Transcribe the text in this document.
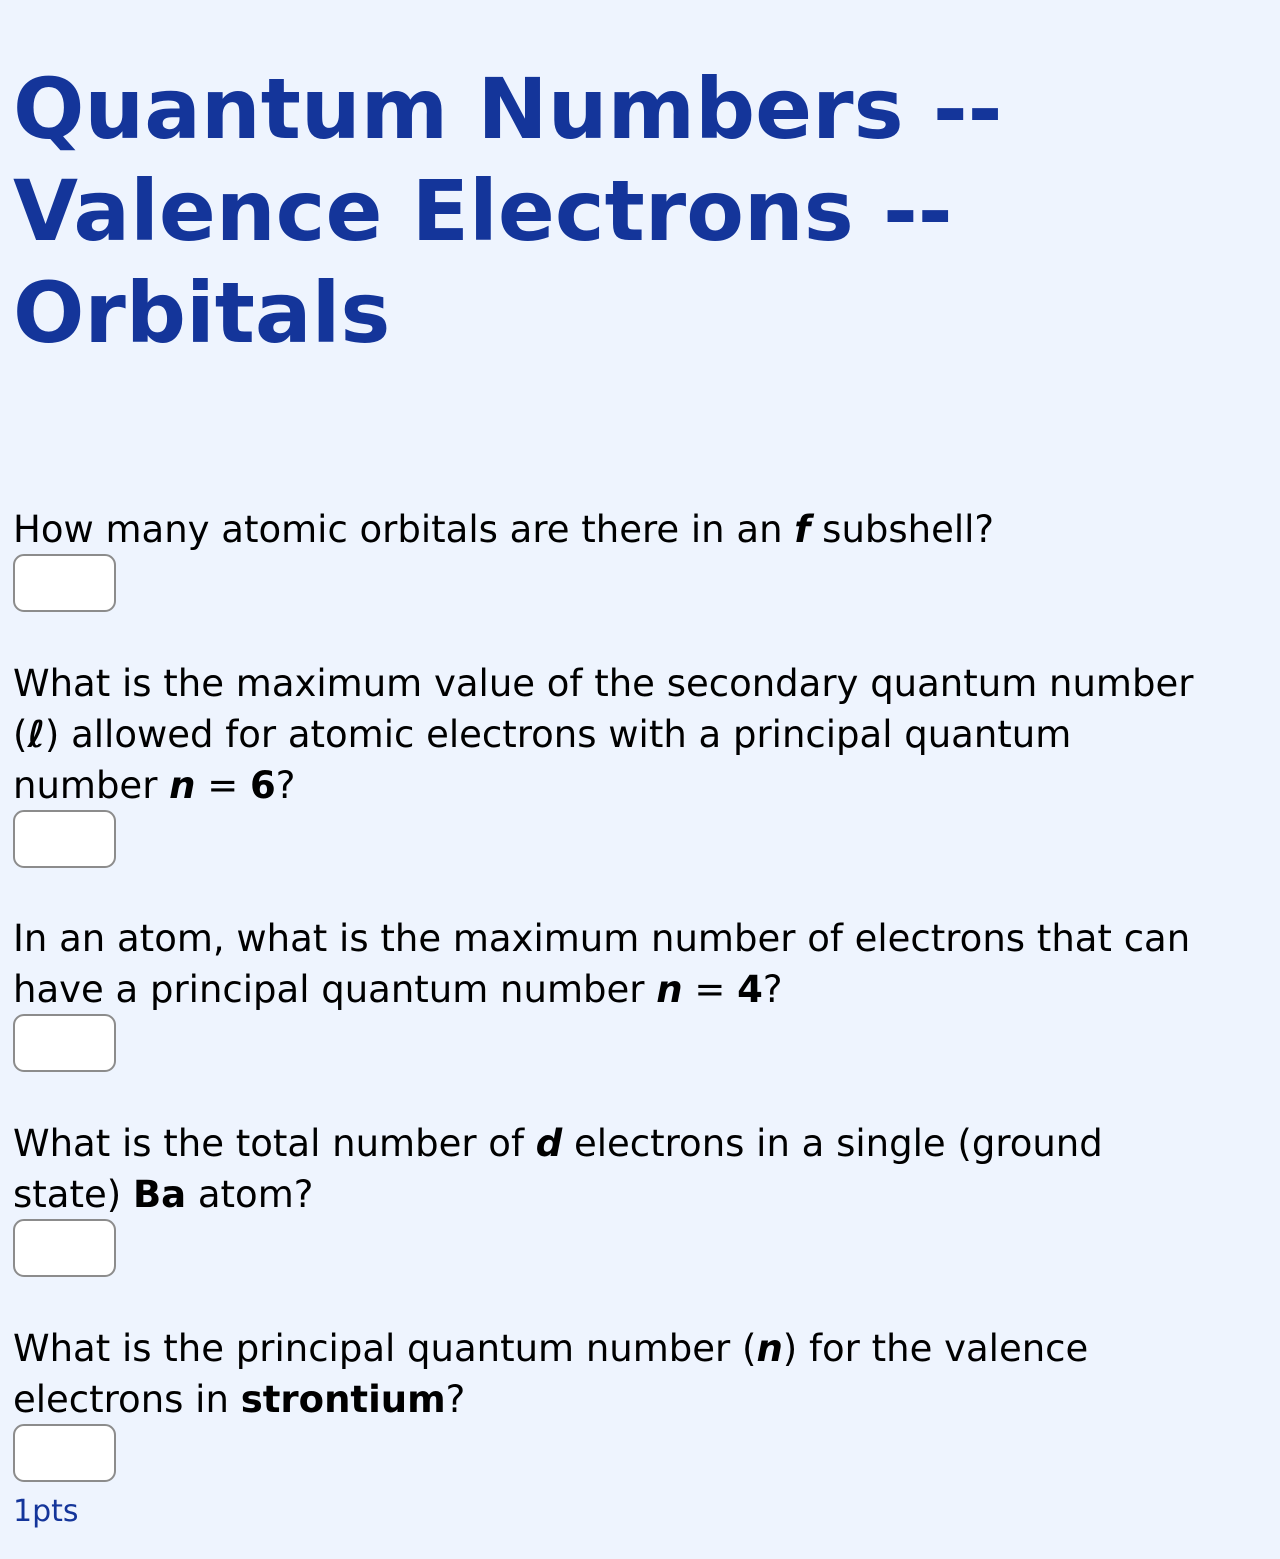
Quantum Numbers --
Valence Electrons --
Orbitals
How many atomic orbitals are there in an f subshell?
What is the maximum value of the secondary quantum number
(ℓ) allowed for atomic electrons with a principal quantum
number n = 6?
In an atom, what is the maximum number of electrons that can
have a principal quantum number n = 4?
What is the total number of d electrons in a single (ground
state) Ba atom?
What is the principal quantum number (n) for the valence
electrons in strontium?
1pts
